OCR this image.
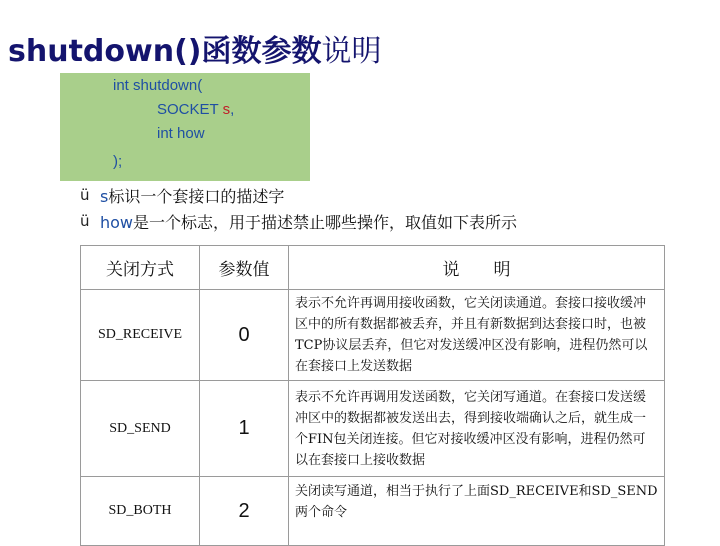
shutdown()函数参数说明
int shutdown(
SOCKET s,
int how
);
ü s标识一个套接口的描述字
ü how是一个标志，用于描述禁止哪些操作，取值如下表所示
关闭方式	参数值	说　　明
SD_RECEIVE	0	表示不允许再调用接收函数，它关闭读通道。套接口接收缓冲区中的所有数据都被丢弃，并且有新数据到达套接口时，也被TCP协议层丢弃，但它对发送缓冲区没有影响，进程仍然可以在套接口上发送数据
SD_SEND	1	表示不允许再调用发送函数，它关闭写通道。在套接口发送缓冲区中的数据都被发送出去，得到接收端确认之后，就生成一个FIN包关闭连接。但它对接收缓冲区没有影响，进程仍然可以在套接口上接收数据
SD_BOTH	2	关闭读写通道，相当于执行了上面SD_RECEIVE和SD_SEND两个命令
